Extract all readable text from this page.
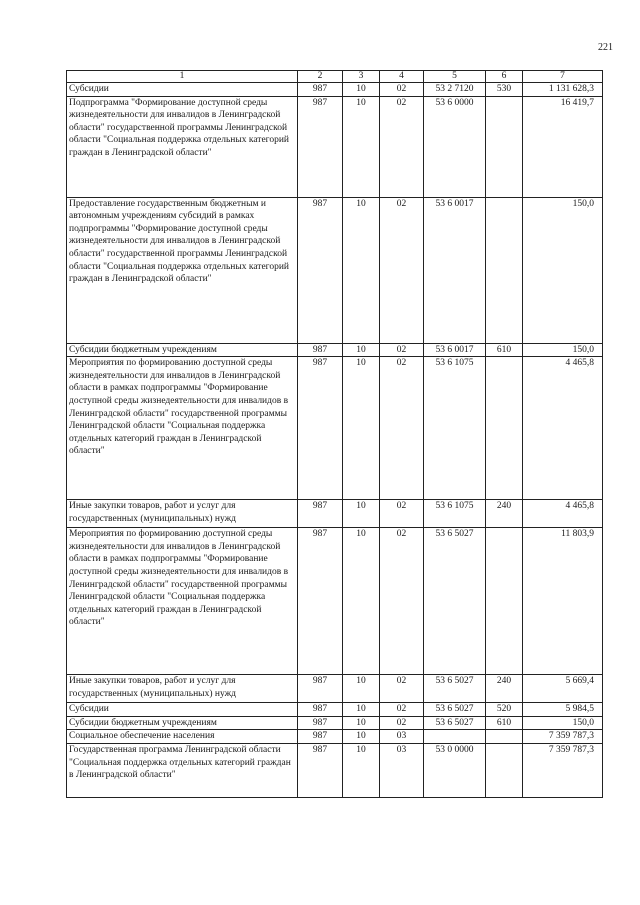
221
1	2	3	4	5	6	7
Субсидии	987	10	02	53 2 7120	530	1 131 628,3
Подпрограмма "Формирование доступной среды жизнедеятельности для инвалидов в Ленинградской области" государственной программы Ленинградской области "Социальная поддержка отдельных категорий граждан в Ленинградской области"	987	10	02	53 6 0000		16 419,7
Предоставление государственным бюджетным и автономным учреждениям субсидий в рамках подпрограммы "Формирование доступной среды жизнедеятельности для инвалидов в Ленинградской области" государственной программы Ленинградской области "Социальная поддержка отдельных категорий граждан в Ленинградской области"	987	10	02	53 6 0017		150,0
Субсидии бюджетным учреждениям	987	10	02	53 6 0017	610	150,0
Мероприятия по формированию доступной среды жизнедеятельности для инвалидов в Ленинградской области в рамках подпрограммы "Формирование доступной среды жизнедеятельности для инвалидов в Ленинградской области" государственной программы Ленинградской области "Социальная поддержка отдельных категорий граждан в Ленинградской области"	987	10	02	53 6 1075		4 465,8
Иные закупки товаров, работ и услуг для государственных (муниципальных) нужд	987	10	02	53 6 1075	240	4 465,8
Мероприятия по формированию доступной среды жизнедеятельности для инвалидов в Ленинградской области в рамках подпрограммы "Формирование доступной среды жизнедеятельности для инвалидов в Ленинградской области" государственной программы Ленинградской области "Социальная поддержка отдельных категорий граждан в Ленинградской области"	987	10	02	53 6 5027		11 803,9
Иные закупки товаров, работ и услуг для государственных (муниципальных) нужд	987	10	02	53 6 5027	240	5 669,4
Субсидии	987	10	02	53 6 5027	520	5 984,5
Субсидии бюджетным учреждениям	987	10	02	53 6 5027	610	150,0
Социальное обеспечение населения	987	10	03			7 359 787,3
Государственная программа Ленинградской области "Социальная поддержка отдельных категорий граждан в Ленинградской области"	987	10	03	53 0 0000		7 359 787,3
